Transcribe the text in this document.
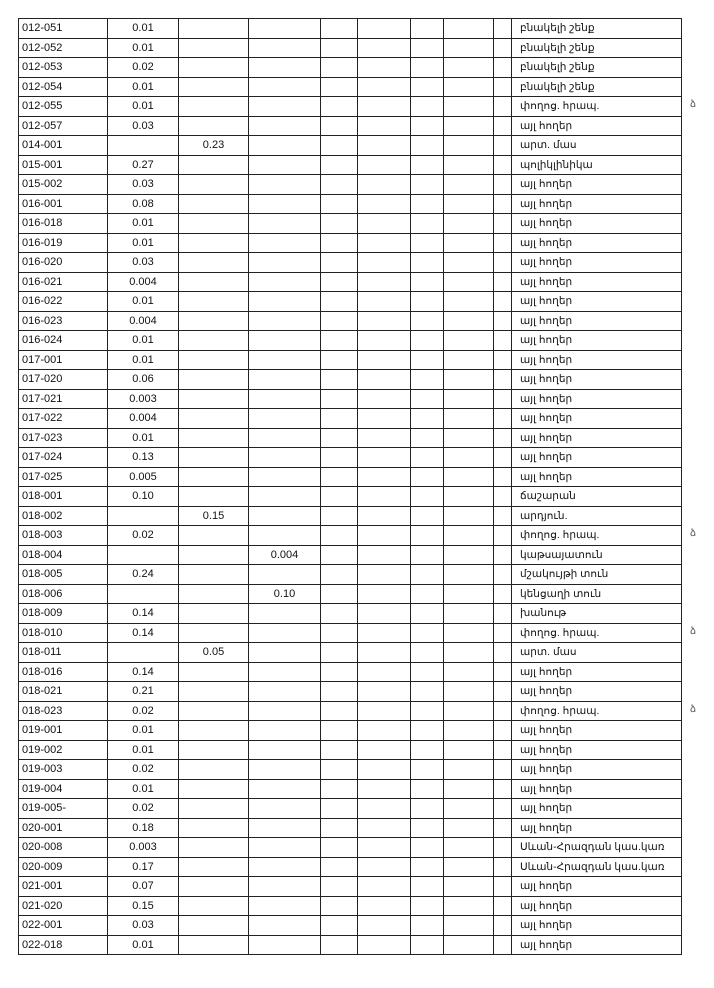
012-051	0.01								բնակելի շենք
012-052	0.01								բնակելի շենք
012-053	0.02								բնակելի շենք
012-054	0.01								բնակելի շենք
012-055	0.01								փողոց. հրապ.
012-057	0.03								այլ հողեր
014-001		0.23							արտ. մաս
015-001	0.27								պոլիկլինիկա
015-002	0.03								այլ հողեր
016-001	0.08								այլ հողեր
016-018	0.01								այլ հողեր
016-019	0.01								այլ հողեր
016-020	0.03								այլ հողեր
016-021	0.004								այլ հողեր
016-022	0.01								այլ հողեր
016-023	0.004								այլ հողեր
016-024	0.01								այլ հողեր
017-001	0.01								այլ հողեր
017-020	0.06								այլ հողեր
017-021	0.003								այլ հողեր
017-022	0.004								այլ հողեր
017-023	0.01								այլ հողեր
017-024	0.13								այլ հողեր
017-025	0.005								այլ հողեր
018-001	0.10								ճաշարան
018-002		0.15							արդյուն.
018-003	0.02								փողոց. հրապ.
018-004			0.004						կաթսայատուն
018-005	0.24								մշակույթի տուն
018-006			0.10						կենցաղի տուն
018-009	0.14								խանութ
018-010	0.14								փողոց. հրապ.
018-011		0.05							արտ. մաս
018-016	0.14								այլ հողեր
018-021	0.21								այլ հողեր
018-023	0.02								փողոց. հրապ.
019-001	0.01								այլ հողեր
019-002	0.01								այլ հողեր
019-003	0.02								այլ հողեր
019-004	0.01								այլ հողեր
019-005-	0.02								այլ հողեր
020-001	0.18								այլ հողեր
020-008	0.003								Սևան-Հրազդան կաս.կառ
020-009	0.17								Սևան-Հրազդան կաս.կառ
021-001	0.07								այլ հողեր
021-020	0.15								այլ հողեր
022-001	0.03								այլ հողեր
022-018	0.01								այլ հողեր
ձ
ձ
ձ
ձ
